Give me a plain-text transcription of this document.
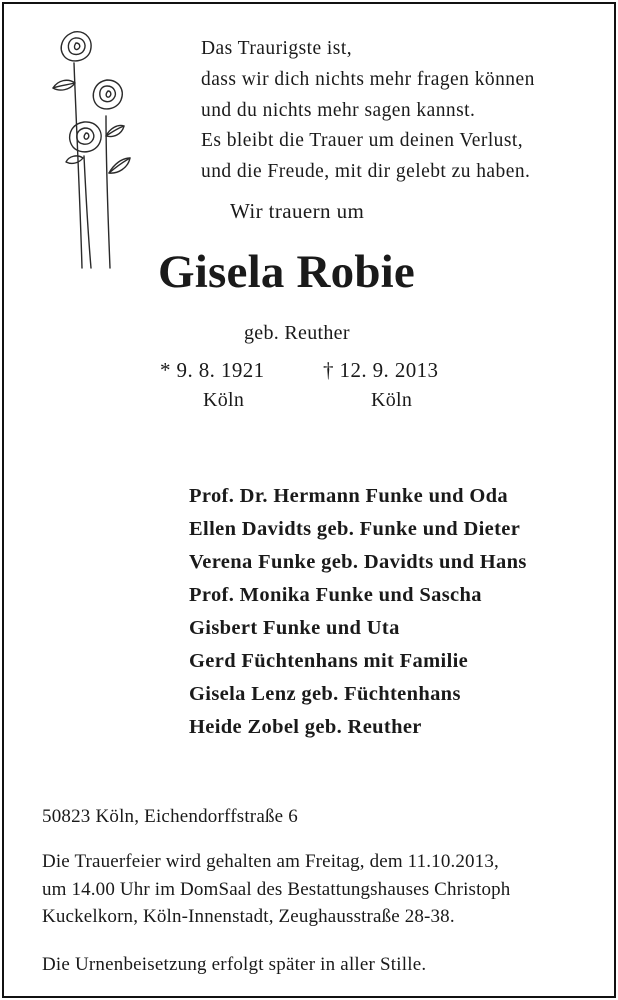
Das Traurigste ist,
dass wir dich nichts mehr fragen können
und du nichts mehr sagen kannst.
Es bleibt die Trauer um deinen Verlust,
und die Freude, mit dir gelebt zu haben.
Wir trauern um
Gisela Robie
geb. Reuther
* 9. 8. 1921	† 12. 9. 2013
Köln	Köln
Prof. Dr. Hermann Funke und Oda
Ellen Davidts geb. Funke und Dieter
Verena Funke geb. Davidts und Hans
Prof. Monika Funke und Sascha
Gisbert Funke und Uta
Gerd Füchtenhans mit Familie
Gisela Lenz geb. Füchtenhans
Heide Zobel geb. Reuther
50823 Köln, Eichendorffstraße 6
Die Trauerfeier wird gehalten am Freitag, dem 11.10.2013,
um 14.00 Uhr im DomSaal des Bestattungshauses Christoph
Kuckelkorn, Köln-Innenstadt, Zeughausstraße 28-38.
Die Urnenbeisetzung erfolgt später in aller Stille.
